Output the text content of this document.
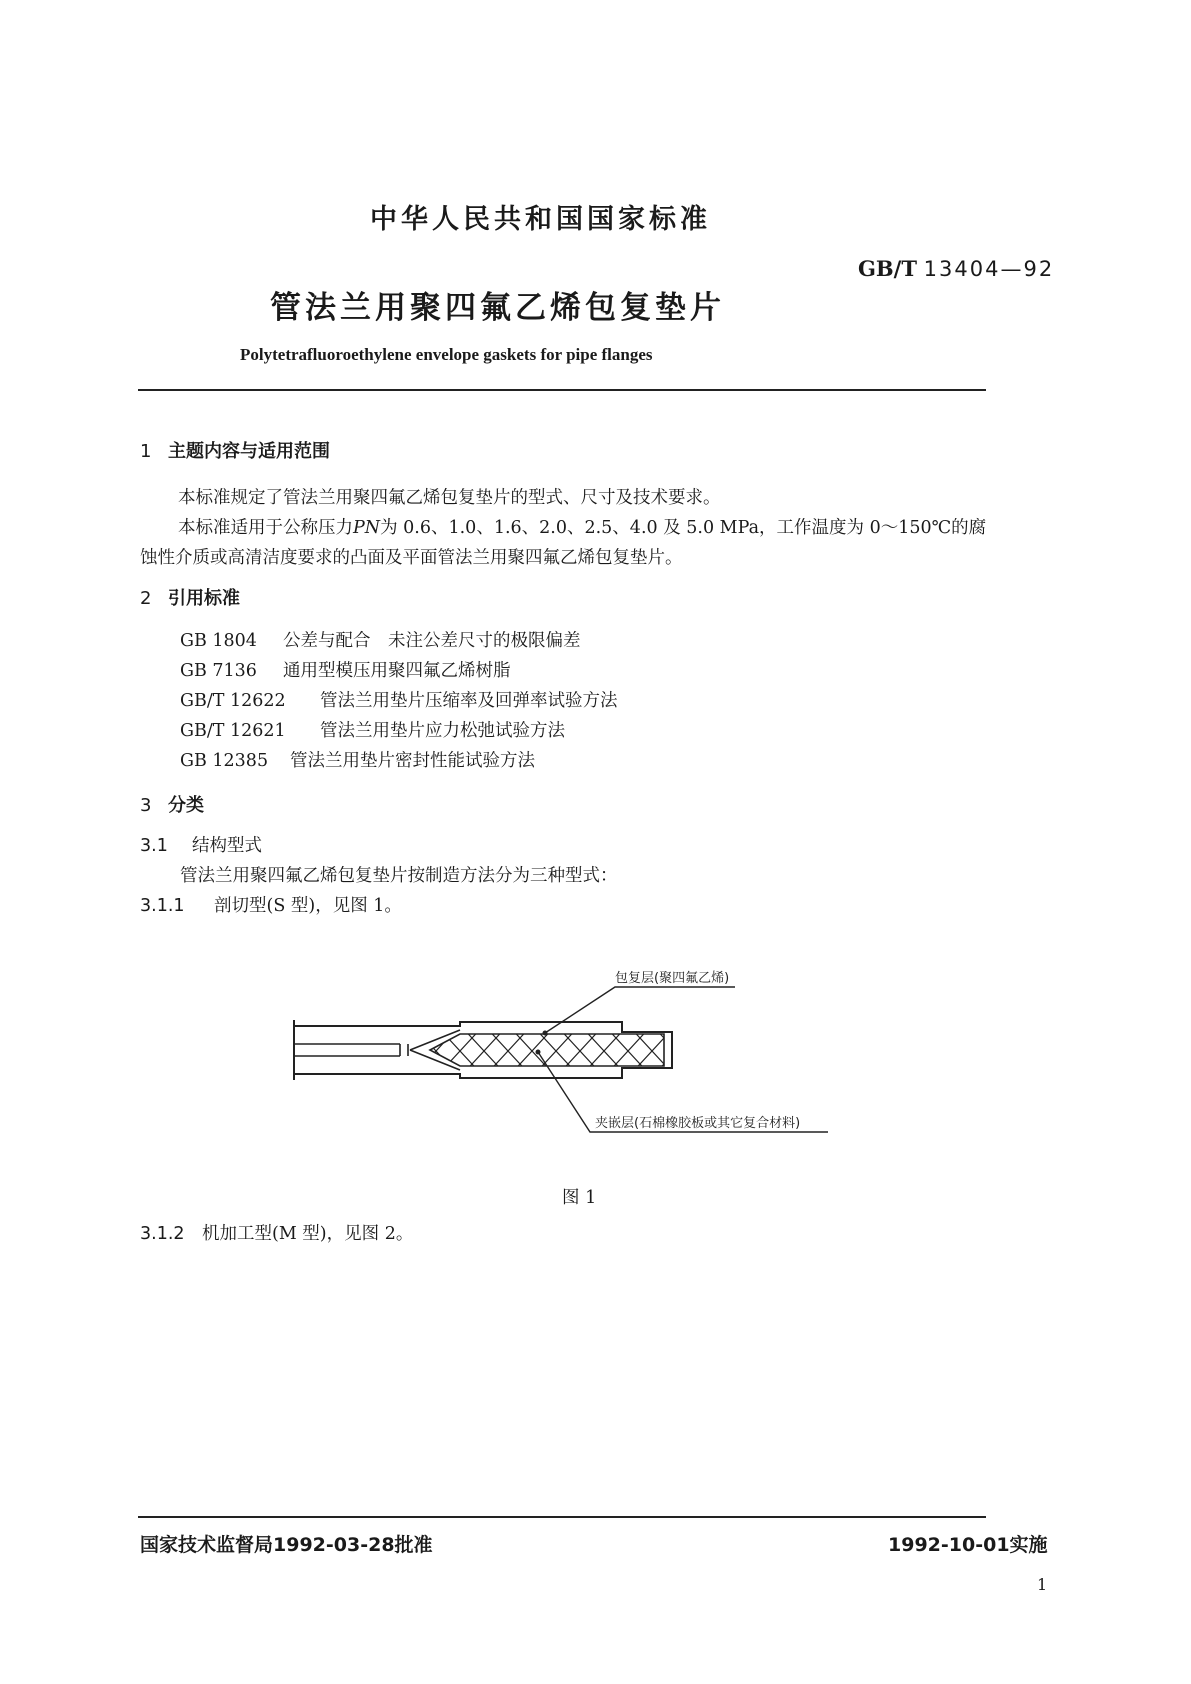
中华人民共和国国家标准
GB/T 13404—92
管法兰用聚四氟乙烯包复垫片
Polytetrafluoroethylene envelope gaskets for pipe flanges
1 主题内容与适用范围
本标准规定了管法兰用聚四氟乙烯包复垫片的型式、尺寸及技术要求。
本标准适用于公称压力PN为 0.6、1.0、1.6、2.0、2.5、4.0 及 5.0 MPa，工作温度为 0～150℃的腐
蚀性介质或高清洁度要求的凸面及平面管法兰用聚四氟乙烯包复垫片。
2 引用标准
GB 1804 公差与配合　未注公差尺寸的极限偏差
GB 7136 通用型模压用聚四氟乙烯树脂
GB/T 12622 管法兰用垫片压缩率及回弹率试验方法
GB/T 12621 管法兰用垫片应力松弛试验方法
GB 12385 管法兰用垫片密封性能试验方法
3 分类
3.1 结构型式
管法兰用聚四氟乙烯包复垫片按制造方法分为三种型式：
3.1.1 剖切型(S 型)，见图 1。
包复层(聚四氟乙烯)
夹嵌层(石棉橡胶板或其它复合材料)
图 1
3.1.2 机加工型(M 型)，见图 2。
国家技术监督局1992-03-28批准	1992-10-01实施
1
